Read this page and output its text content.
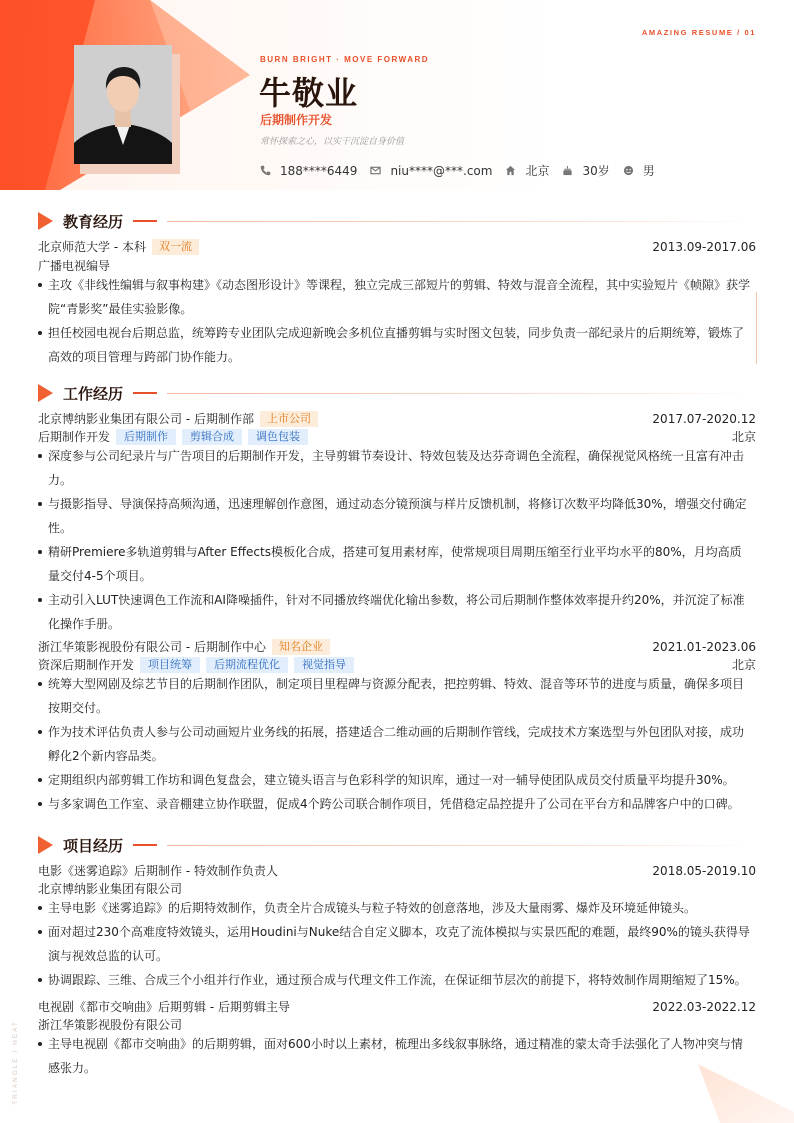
AMAZING RESUME / 01
BURN BRIGHT · MOVE FORWARD
牛敬业
后期制作开发
常怀探索之心，以实干沉淀自身价值
188****6449	niu****@***.com	北京	30岁	男
教育经历
北京师范大学 - 本科	双一流	2013.09-2017.06
广播电视编导
主攻《非线性编辑与叙事构建》《动态图形设计》等课程，独立完成三部短片的剪辑、特效与混音全流程，其中实验短片《帧隙》获学院“青影奖”最佳实验影像。
担任校园电视台后期总监，统筹跨专业团队完成迎新晚会多机位直播剪辑与实时图文包装，同步负责一部纪录片的后期统筹，锻炼了高效的项目管理与跨部门协作能力。
工作经历
北京博纳影业集团有限公司 - 后期制作部	上市公司	2017.07-2020.12
后期制作开发	后期制作	剪辑合成	调色包装	北京
深度参与公司纪录片与广告项目的后期制作开发，主导剪辑节奏设计、特效包装及达芬奇调色全流程，确保视觉风格统一且富有冲击力。
与摄影指导、导演保持高频沟通，迅速理解创作意图，通过动态分镜预演与样片反馈机制，将修订次数平均降低30%，增强交付确定性。
精研Premiere多轨道剪辑与After Effects模板化合成，搭建可复用素材库，使常规项目周期压缩至行业平均水平的80%，月均高质量交付4-5个项目。
主动引入LUT快速调色工作流和AI降噪插件，针对不同播放终端优化输出参数，将公司后期制作整体效率提升约20%，并沉淀了标准化操作手册。
浙江华策影视股份有限公司 - 后期制作中心	知名企业	2021.01-2023.06
资深后期制作开发	项目统筹	后期流程优化	视觉指导	北京
统筹大型网剧及综艺节目的后期制作团队，制定项目里程碑与资源分配表，把控剪辑、特效、混音等环节的进度与质量，确保多项目按期交付。
作为技术评估负责人参与公司动画短片业务线的拓展，搭建适合二维动画的后期制作管线，完成技术方案选型与外包团队对接，成功孵化2个新内容品类。
定期组织内部剪辑工作坊和调色复盘会，建立镜头语言与色彩科学的知识库，通过一对一辅导使团队成员交付质量平均提升30%。
与多家调色工作室、录音棚建立协作联盟，促成4个跨公司联合制作项目，凭借稳定品控提升了公司在平台方和品牌客户中的口碑。
项目经历
电影《迷雾追踪》后期制作 - 特效制作负责人	2018.05-2019.10
北京博纳影业集团有限公司
主导电影《迷雾追踪》的后期特效制作，负责全片合成镜头与粒子特效的创意落地，涉及大量雨雾、爆炸及环境延伸镜头。
面对超过230个高难度特效镜头，运用Houdini与Nuke结合自定义脚本，攻克了流体模拟与实景匹配的难题，最终90%的镜头获得导演与视效总监的认可。
协调跟踪、三维、合成三个小组并行作业，通过预合成与代理文件工作流，在保证细节层次的前提下，将特效制作周期缩短了15%。
电视剧《都市交响曲》后期剪辑 - 后期剪辑主导	2022.03-2022.12
浙江华策影视股份有限公司
主导电视剧《都市交响曲》的后期剪辑，面对600小时以上素材，梳理出多线叙事脉络，通过精准的蒙太奇手法强化了人物冲突与情感张力。
TRIANGLE / HEAT
